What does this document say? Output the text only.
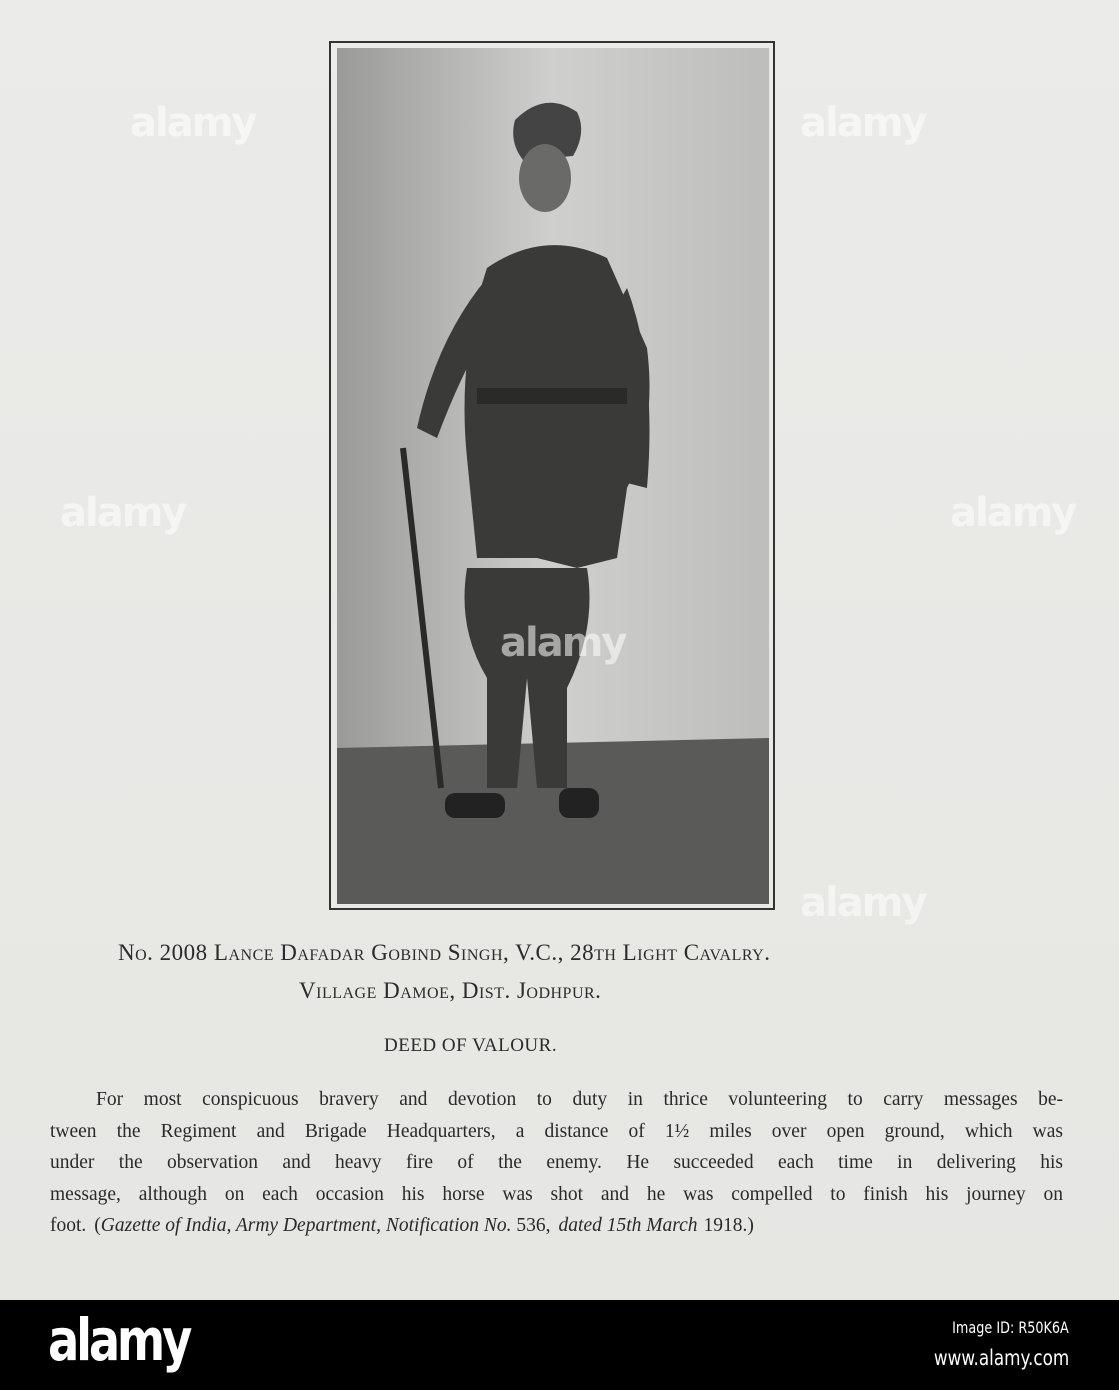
No. 2008 Lance Dafadar Gobind Singh, V.C., 28th Light Cavalry.
Village Damoe, Dist. Jodhpur.
DEED OF VALOUR.
For most conspicuous bravery and devotion to duty in thrice volunteering to carry messages be-
tween the Regiment and Brigade Headquarters, a distance of 1½ miles over open ground, which was
under the observation and heavy fire of the enemy. He succeeded each time in delivering his
message, although on each occasion his horse was shot and he was compelled to finish his journey on
foot. (Gazette of India, Army Department, Notification No. 536, dated 15th March 1918.)
alamy	alamy
alamy	alamy
alamy
alamy
alamy	Image ID: R50K6A
www.alamy.com
